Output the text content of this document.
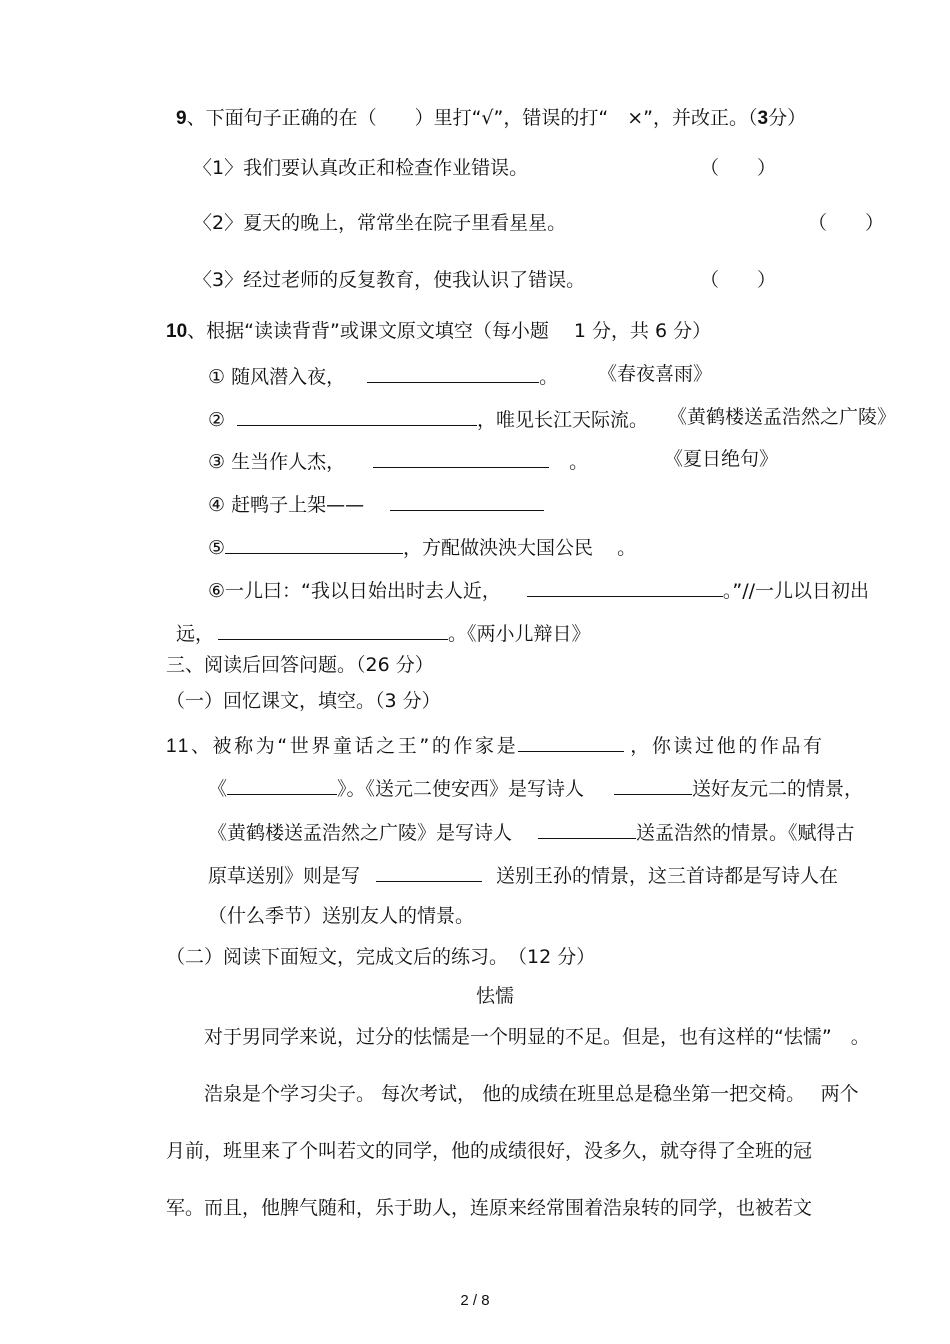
9、下面句子正确的在（　　）里打“√”，错误的打“　×”，并改正。（3分）
〈1〉我们要认真改正和检查作业错误。	（　　）
〈2〉夏天的晚上，常常坐在院子里看星星。	（　　）
〈3〉经过老师的反复教育，使我认识了错误。	（　　）
10、根据“读读背背”或课文原文填空（每小题　 1 分，共 6 分）
① 随风潜入夜，	。 《春夜喜雨》
②	，唯见长江天际流。 《黄鹤楼送孟浩然之广陵》
③ 生当作人杰，	。	《夏日绝句》
④ 赶鸭子上架——
⑤	，方配做泱泱大国公民 。
⑥一儿曰：“我以日始出时去人近，	。”//一儿以日初出
远，	。《两小儿辩日》
三、阅读后回答问题。（26 分）
（一）回忆课文，填空。（3 分）
11、被称为“世界童话之王”的作家是	，你读过他的作品有
《	》。《送元二使安西》是写诗人	送好友元二的情景，
《黄鹤楼送孟浩然之广陵》是写诗人	送孟浩然的情景。《赋得古
原草送别》则是写	送别王孙的情景，这三首诗都是写诗人在
（什么季节）送别友人的情景。
（二）阅读下面短文，完成文后的练习。　（12 分）
怯懦
对于男同学来说，过分的怯懦是一个明显的不足。但是，也有这样的“怯懦”　。
浩泉是个学习尖子。 每次考试， 他的成绩在班里总是稳坐第一把交椅。　 两个
月前，班里来了个叫若文的同学，他的成绩很好，没多久，就夺得了全班的冠
军。而且，他脾气随和，乐于助人，连原来经常围着浩泉转的同学，也被若文
2 / 8
